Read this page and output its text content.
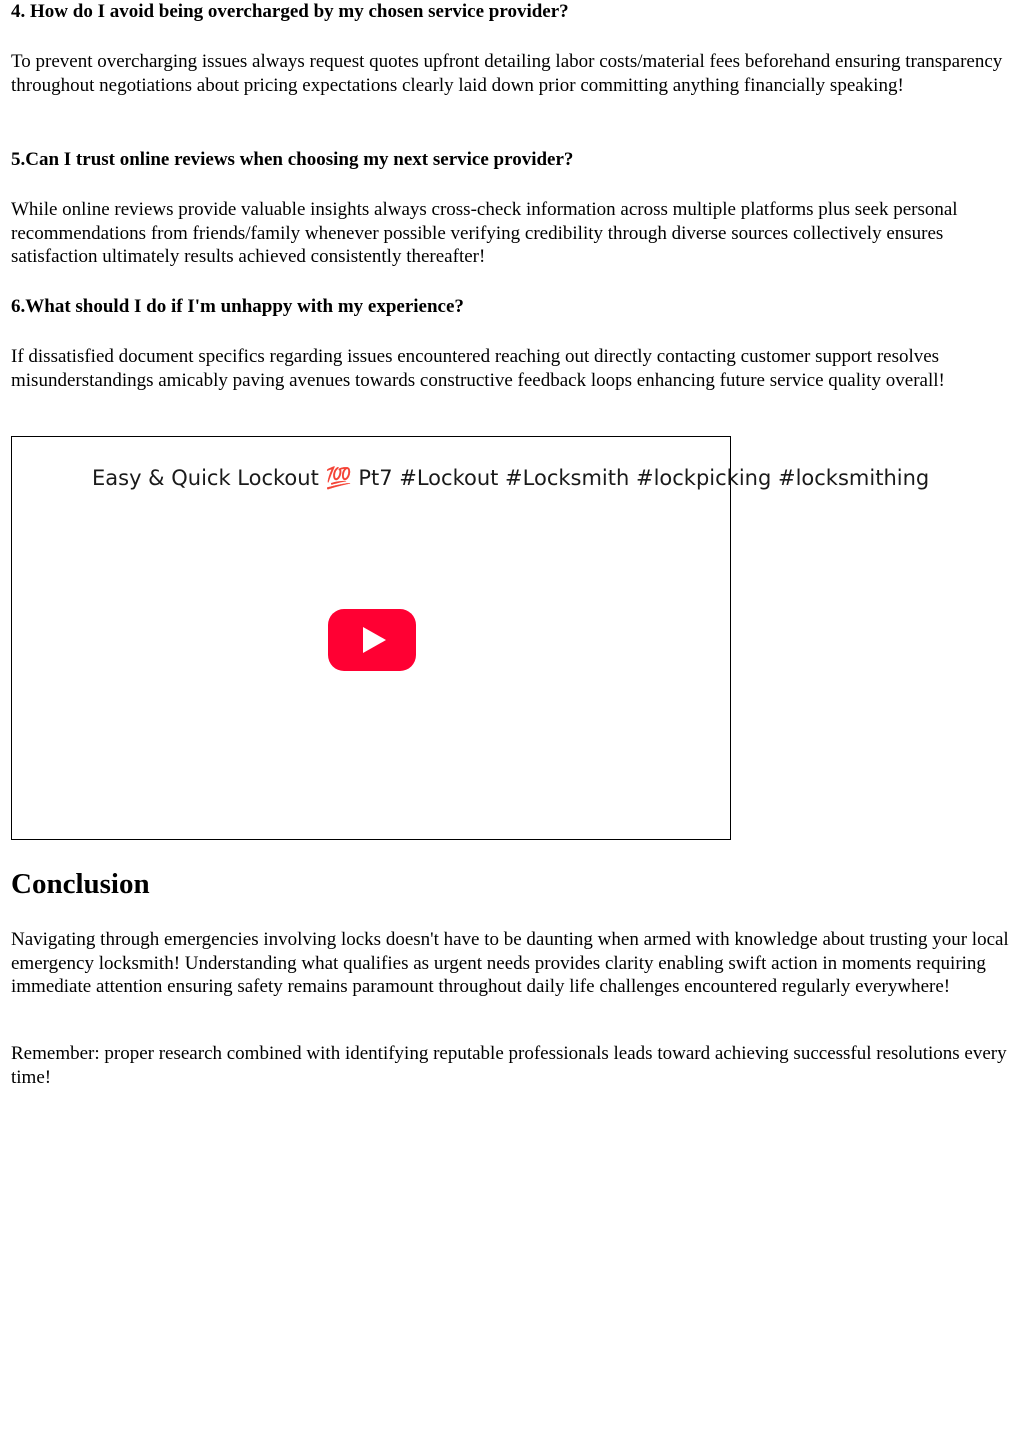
4. How do I avoid being overcharged by my chosen service provider?

To prevent overcharging issues always request quotes upfront detailing labor costs/material fees beforehand ensuring transparency throughout negotiations about pricing expectations clearly laid down prior committing anything financially speaking!

5.Can I trust online reviews when choosing my next service provider?

While online reviews provide valuable insights always cross-check information across multiple platforms plus seek personal recommendations from friends/family whenever possible verifying credibility through diverse sources collectively ensures satisfaction ultimately results achieved consistently thereafter!

6.What should I do if I'm unhappy with my experience?

If dissatisfied document specifics regarding issues encountered reaching out directly contacting customer support resolves misunderstandings amicably paving avenues towards constructive feedback loops enhancing future service quality overall!

Easy & Quick Lockout 💯 Pt7 #Lockout #Locksmith #lockpicking #locksmithing
Conclusion

Navigating through emergencies involving locks doesn't have to be daunting when armed with knowledge about trusting your local emergency locksmith! Understanding what qualifies as urgent needs provides clarity enabling swift action in moments requiring immediate attention ensuring safety remains paramount throughout daily life challenges encountered regularly everywhere!

Remember: proper research combined with identifying reputable professionals leads toward achieving successful resolutions every time!
